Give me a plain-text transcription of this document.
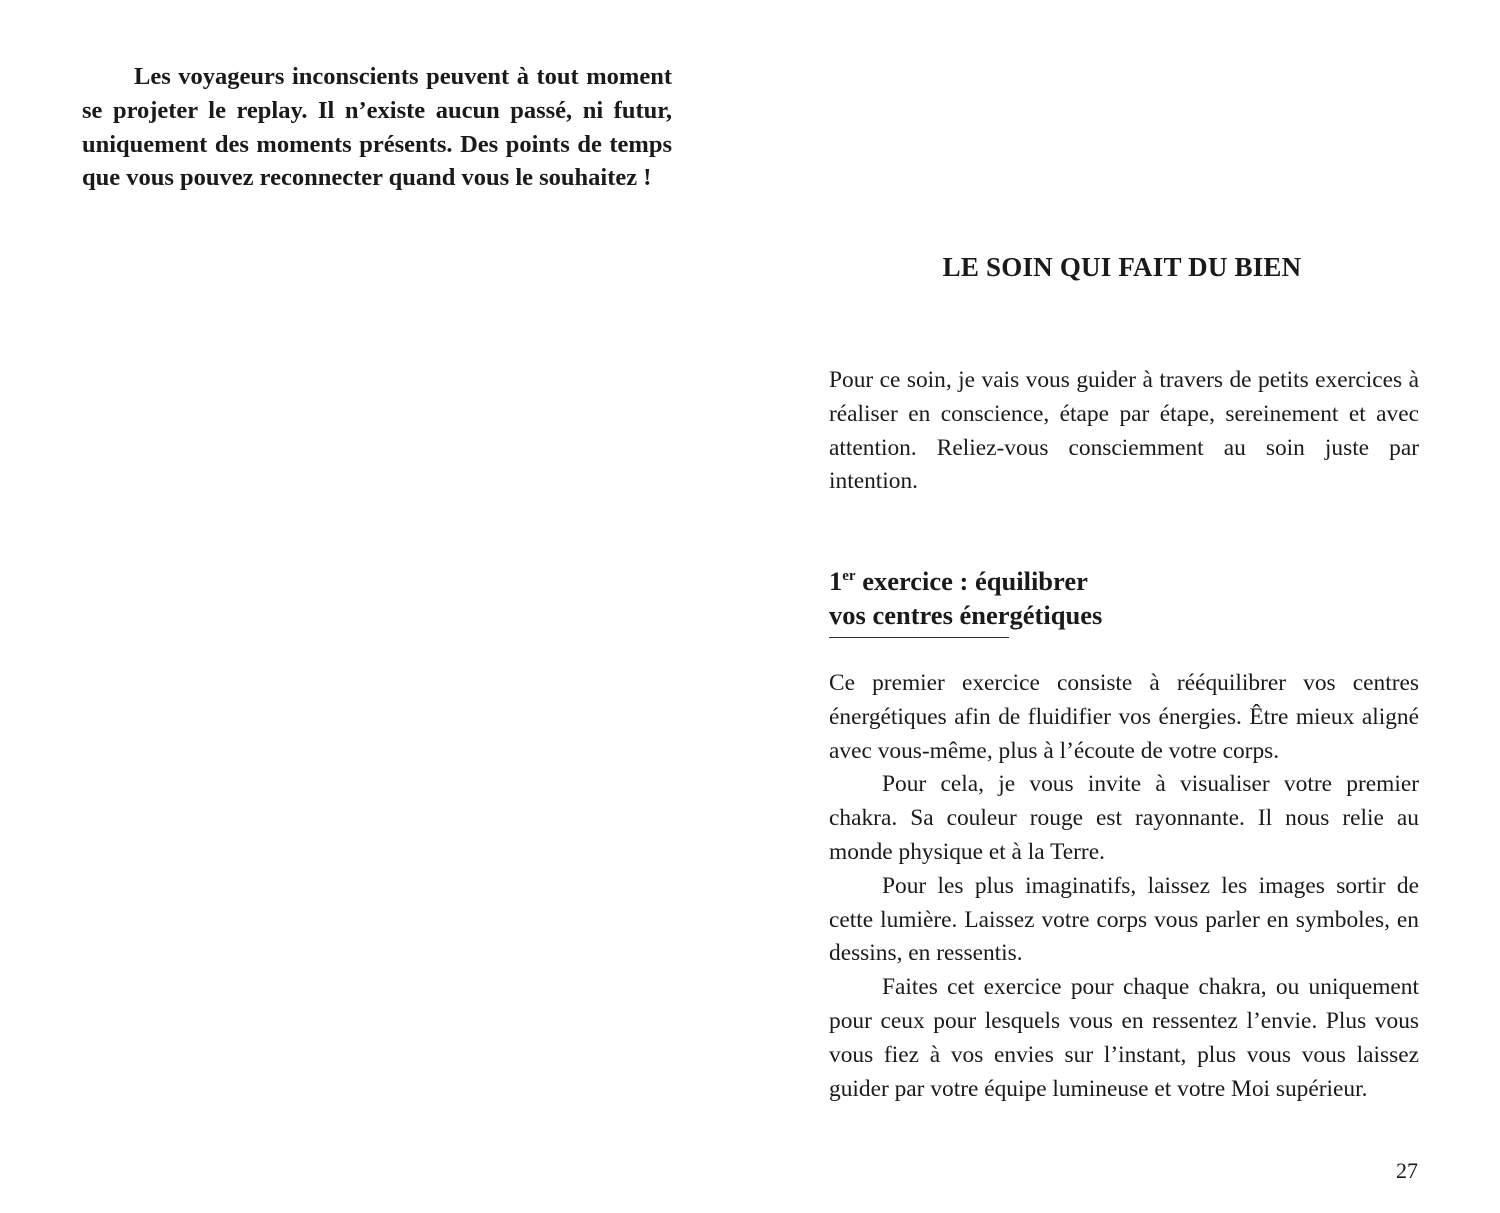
Les voyageurs inconscients peuvent à tout moment se projeter le replay. Il n’existe aucun passé, ni futur, uniquement des moments présents. Des points de temps que vous pouvez reconnecter quand vous le souhaitez !

LE SOIN QUI FAIT DU BIEN

Pour ce soin, je vais vous guider à travers de petits exercices à réaliser en conscience, étape par étape, sereinement et avec attention. Reliez-vous consciemment au soin juste par intention.

1er exercice : équilibrer
vos centres énergétiques

Ce premier exercice consiste à rééquilibrer vos centres énergétiques afin de fluidifier vos énergies. Être mieux aligné avec vous-même, plus à l’écoute de votre corps.

Pour cela, je vous invite à visualiser votre premier chakra. Sa couleur rouge est rayonnante. Il nous relie au monde physique et à la Terre.

Pour les plus imaginatifs, laissez les images sortir de cette lumière. Laissez votre corps vous parler en symboles, en dessins, en ressentis.

Faites cet exercice pour chaque chakra, ou uniquement pour ceux pour lesquels vous en ressentez l’envie. Plus vous vous fiez à vos envies sur l’instant, plus vous vous laissez guider par votre équipe lumineuse et votre Moi supérieur.

27
